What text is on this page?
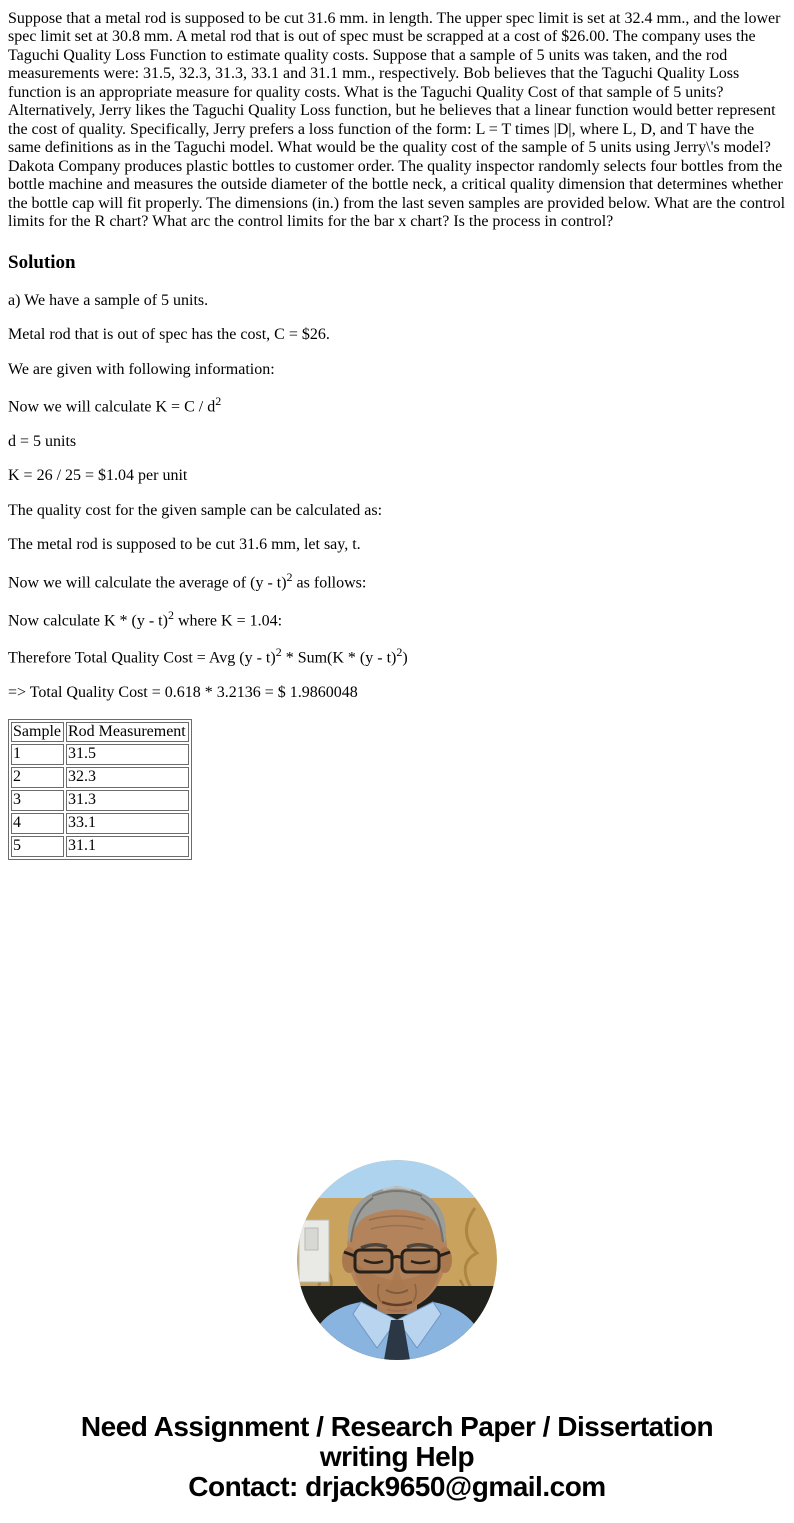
Suppose that a metal rod is supposed to be cut 31.6 mm. in length. The upper spec limit is set at 32.4 mm., and the lower spec limit set at 30.8 mm. A metal rod that is out of spec must be scrapped at a cost of $26.00. The company uses the Taguchi Quality Loss Function to estimate quality costs. Suppose that a sample of 5 units was taken, and the rod measurements were: 31.5, 32.3, 31.3, 33.1 and 31.1 mm., respectively. Bob believes that the Taguchi Quality Loss function is an appropriate measure for quality costs. What is the Taguchi Quality Cost of that sample of 5 units? Alternatively, Jerry likes the Taguchi Quality Loss function, but he believes that a linear function would better represent the cost of quality. Specifically, Jerry prefers a loss function of the form: L = T times |D|, where L, D, and T have the same definitions as in the Taguchi model. What would be the quality cost of the sample of 5 units using Jerry\'s model? Dakota Company produces plastic bottles to customer order. The quality inspector randomly selects four bottles from the bottle machine and measures the outside diameter of the bottle neck, a critical quality dimension that determines whether the bottle cap will fit properly. The dimensions (in.) from the last seven samples are provided below. What are the control limits for the R chart? What arc the control limits for the bar x chart? Is the process in control?

Solution

a) We have a sample of 5 units.

Metal rod that is out of spec has the cost, C = $26.

We are given with following information:

Now we will calculate $K = C / d^2$

d = 5 units

K = 26 / 25 = $1.04 per unit

The quality cost for the given sample can be calculated as:

The metal rod is supposed to be cut 31.6 mm, let say, t.

Now we will calculate the average of (y - t)$^2$ as follows:

Now calculate K * (y - t)$^2$ where K = 1.04:

Therefore Total Quality Cost = Avg (y - t)$^2$ * Sum(K * (y - t)$^2$)

=> Total Quality Cost = 0.618 * 3.2136 = $ 1.9860048

Sample	Rod Measurement
1	31.5
2	32.3
3	31.3
4	33.1
5	31.1
Need Assignment / Research Paper / Dissertation
writing Help
Contact: drjack9650@gmail.com
